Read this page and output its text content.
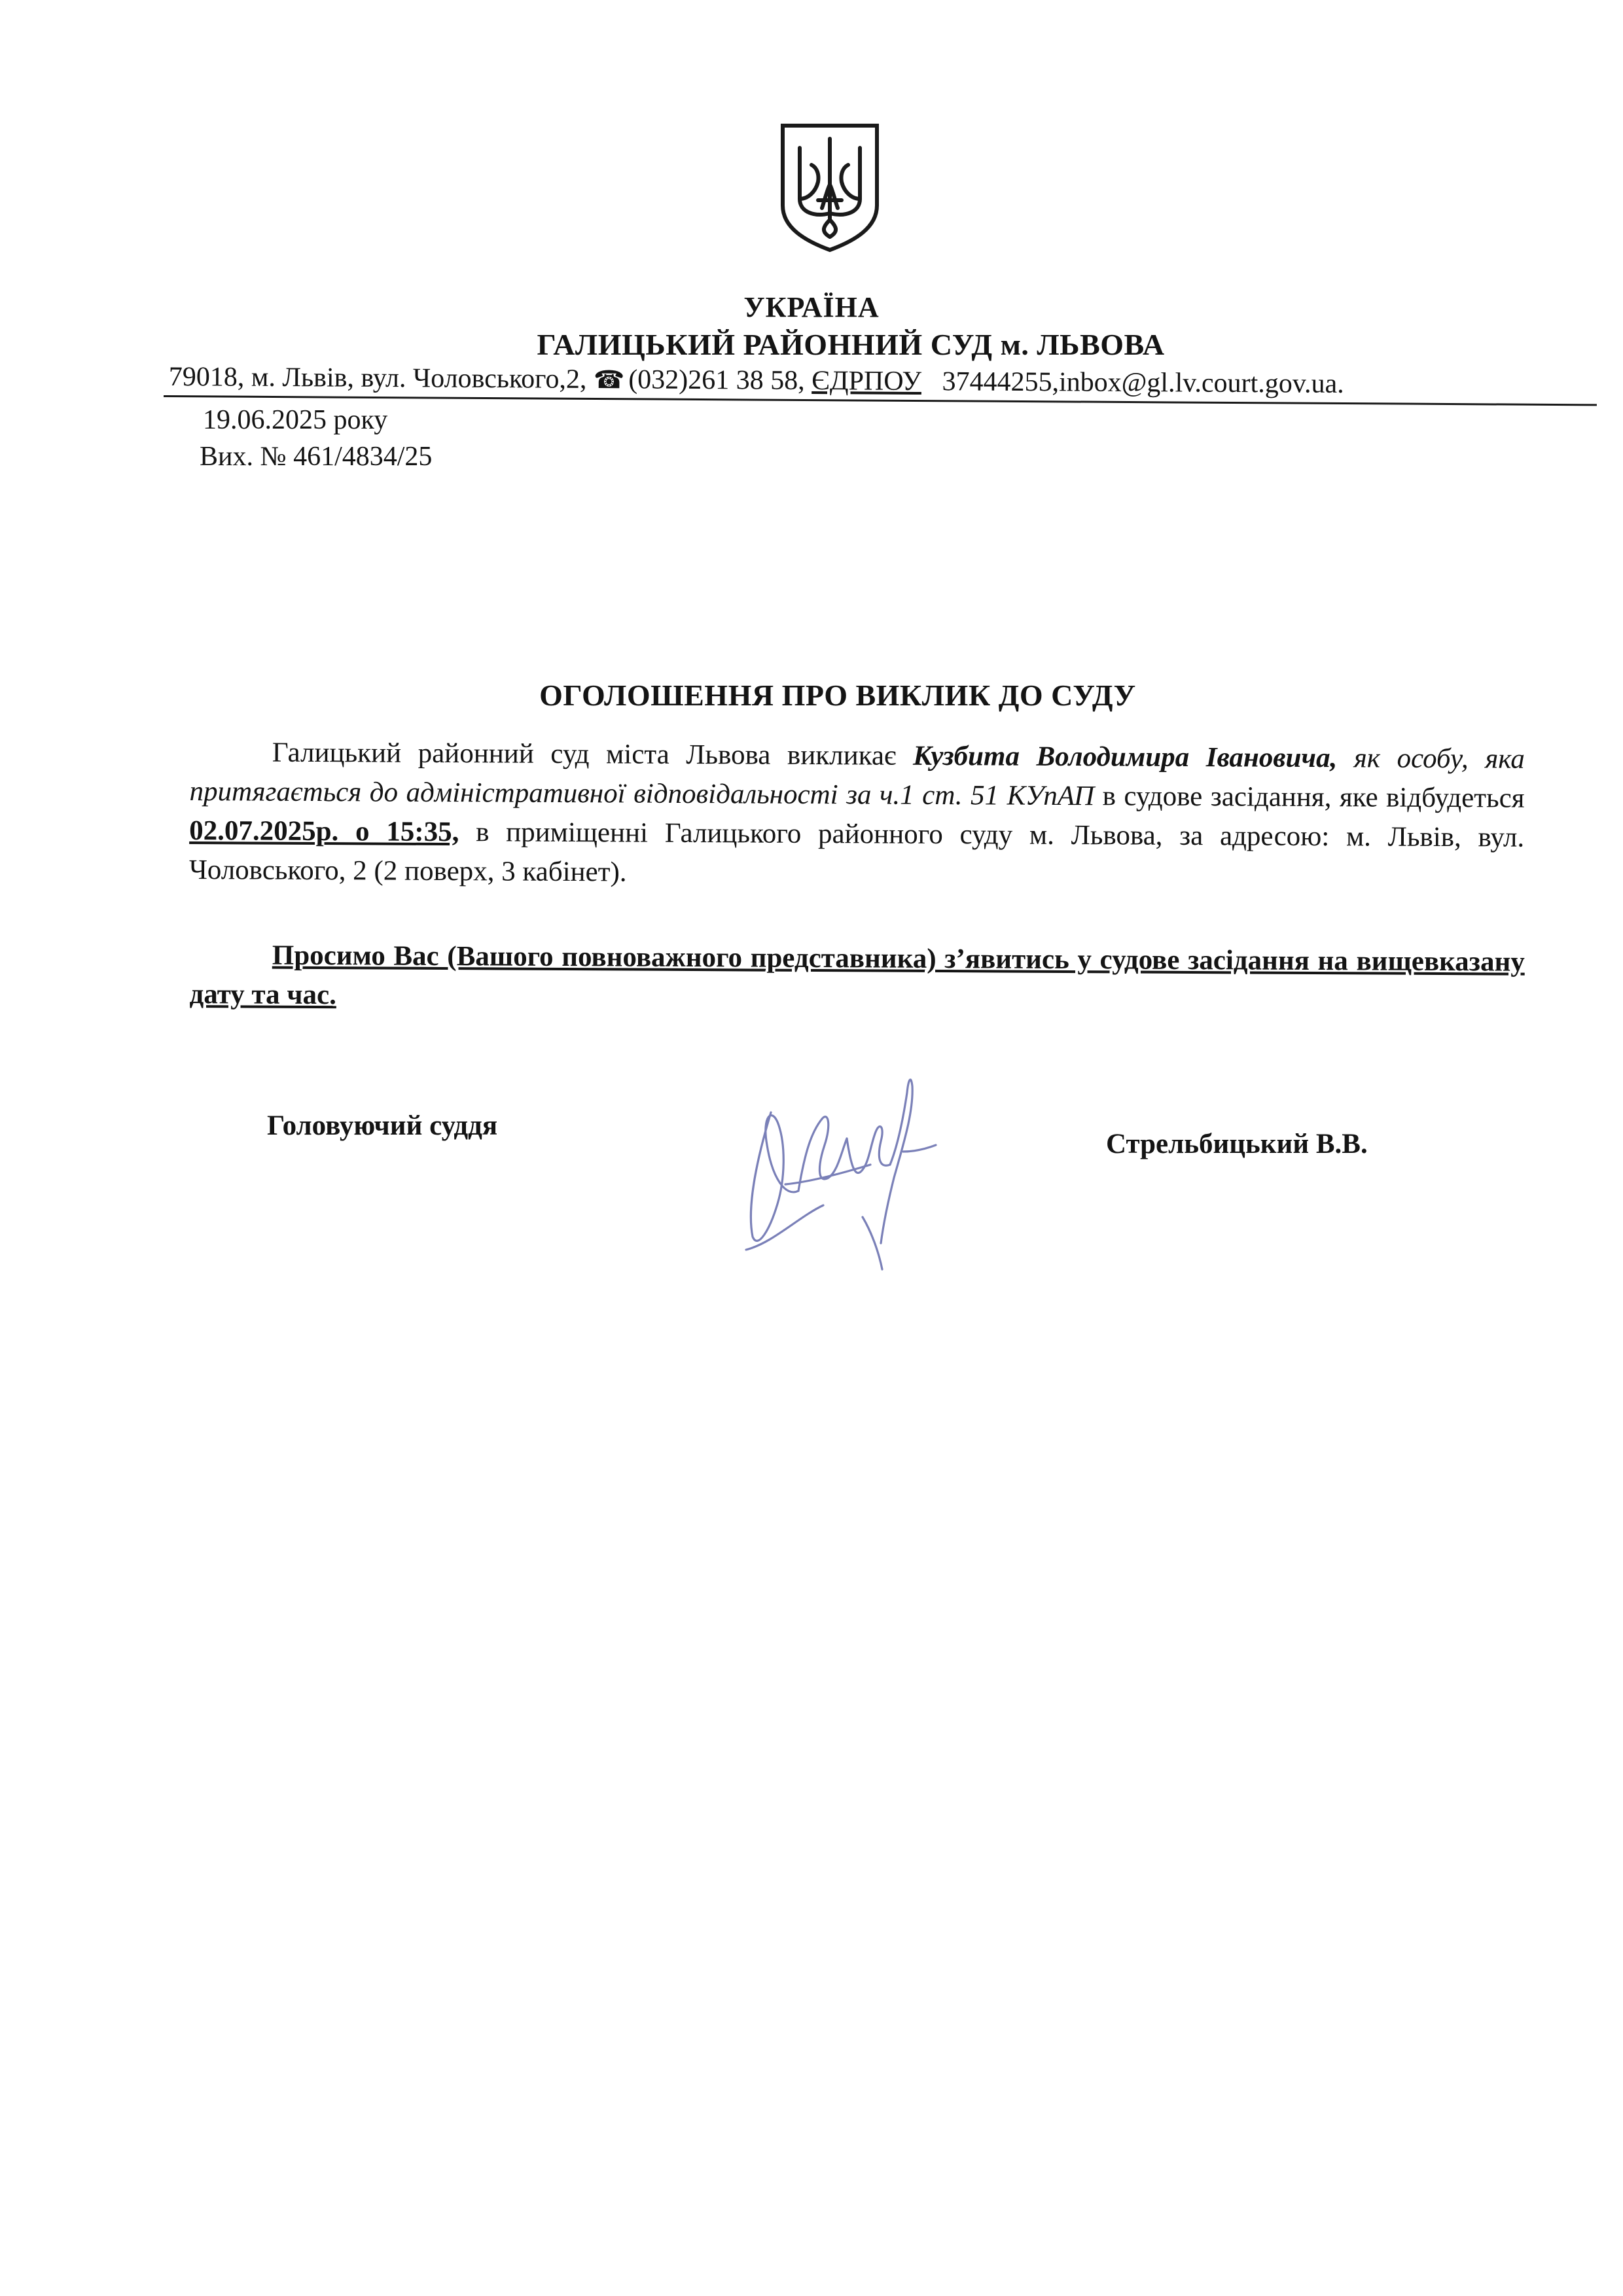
УКРАЇНА
ГАЛИЦЬКИЙ РАЙОННИЙ СУД м. ЛЬВОВА
79018, м. Львів, вул. Чоловського,2, ☎ (032)261 38 58, ЄДРПОУ 37444255,inbox@gl.lv.court.gov.ua.
19.06.2025 року
Вих. № 461/4834/25
ОГОЛОШЕННЯ ПРО ВИКЛИК ДО СУДУ
Галицький районний суд міста Львова викликає Кузбита Володимира Івановича, як особу, яка притягається до адміністративної відповідальності за ч.1 ст. 51 КУпАП в судове засідання, яке відбудеться 02.07.2025р. о 15:35, в приміщенні Галицького районного суду м. Львова, за адресою: м. Львів, вул. Чоловського, 2 (2 поверх, 3 кабінет).
Просимо Вас (Вашого повноважного представника) з’явитись у судове засідання на вищевказану дату та час.
Головуючий суддя
Стрельбицький В.В.
